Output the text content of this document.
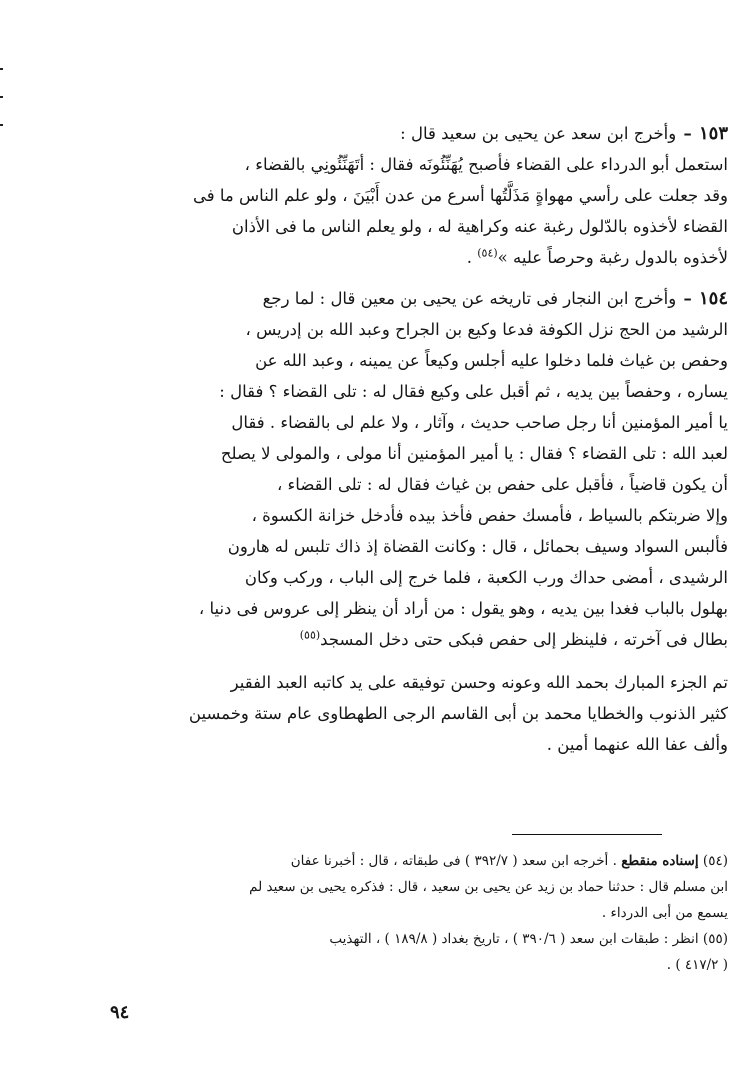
١٥٣ – وأخرج ابن سعد عن يحيى بن سعيد قال :

استعمل أبو الدرداء على القضاء فأصبح يُهَنِّئُونَه فقال : أتَهَنِّئُونِي بالقضاء ،

وقد جعلت على رأسي مهواةٍ مَذَلَّتُها أسرع من عدن أَبْيَنَ ، ولو علم الناس ما فى

القضاء لأخذوه بالدّلول رغبة عنه وكراهية له ، ولو يعلم الناس ما فى الأذان

لأخذوه بالدول رغبة وحرصاً عليه »$^{(٥٤)}$ .

١٥٤ – وأخرج ابن النجار فى تاريخه عن يحيى بن معين قال : لما رجع

الرشيد من الحج نزل الكوفة فدعا وكيع بن الجراح وعبد الله بن إدريس ،

وحفص بن غياث فلما دخلوا عليه أجلس وكيعاً عن يمينه ، وعبد الله عن

يساره ، وحفصاً بين يديه ، ثم أقبل على وكيع فقال له : تلى القضاء ؟ فقال :

يا أمير المؤمنين أنا رجل صاحب حديث ، وآثار ، ولا علم لى بالقضاء . فقال

لعبد الله : تلى القضاء ؟ فقال : يا أمير المؤمنين أنا مولى ، والمولى لا يصلح

أن يكون قاضياً ، فأقبل على حفص بن غياث فقال له : تلى القضاء ،

وإلا ضربتكم بالسياط ، فأمسك حفص فأخذ بيده فأدخل خزانة الكسوة ،

فألبس السواد وسيف بحمائل ، قال : وكانت القضاة إذ ذاك تلبس له هارون

الرشيدى ، أمضى حداك ورب الكعبة ، فلما خرج إلى الباب ، وركب وكان

بهلول بالباب فغدا بين يديه ، وهو يقول : من أراد أن ينظر إلى عروس فى دنيا ،

بطال فى آخرته ، فلينظر إلى حفص فبكى حتى دخل المسجد$^{(٥٥)}$

تم الجزء المبارك بحمد الله وعونه وحسن توفيقه على يد كاتبه العبد الفقير

كثير الذنوب والخطايا محمد بن أبى القاسم الرجى الطهطاوى عام ستة وخمسين

وألف عفا الله عنهما أمين .

(٥٤) إسناده منقطع . أخرجه ابن سعد ( ٣٩٢/٧ ) فى طبقاته ، قال : أخبرنا عفان

ابن مسلم قال : حدثنا حماد بن زيد عن يحيى بن سعيد ، قال : فذكره يحيى بن سعيد لم

يسمع من أبى الدرداء .

(٥٥) انظر : طبقات ابن سعد ( ٣٩٠/٦ ) ، تاريخ بغداد ( ١٨٩/٨ ) ، التهذيب

( ٤١٧/٢ ) .

٩٤
